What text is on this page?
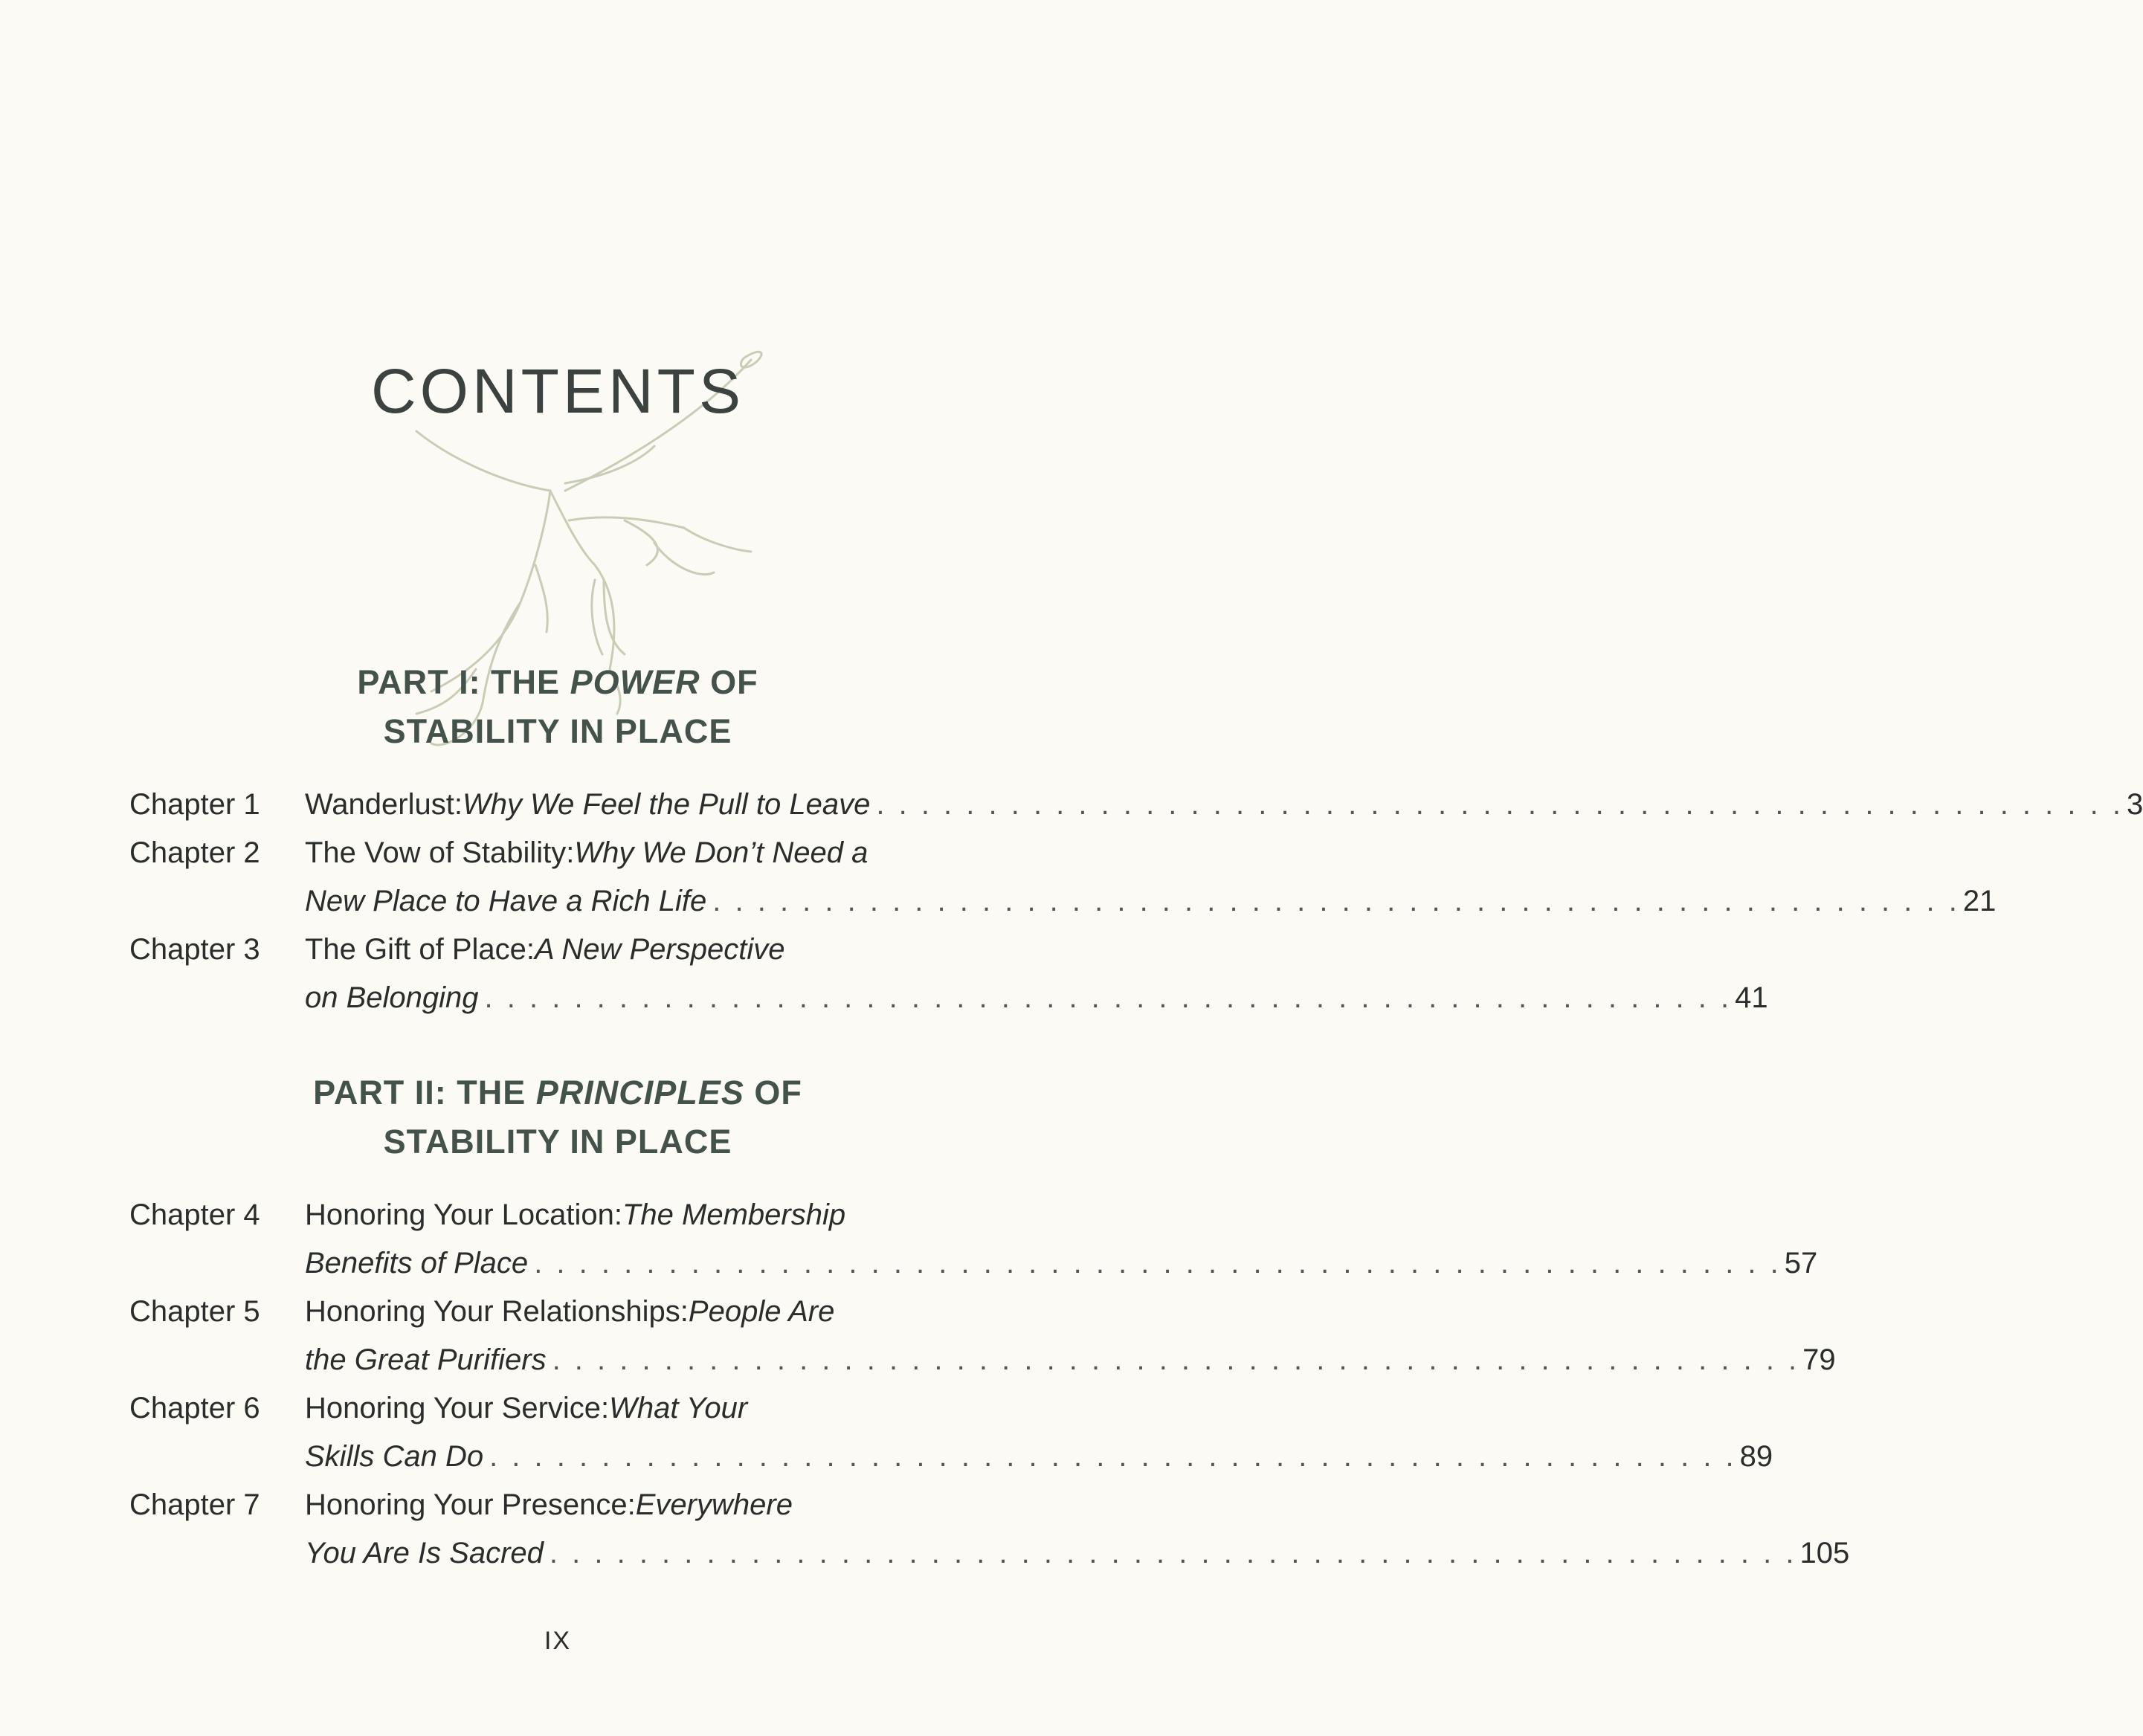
CONTENTS
PART I: THE POWER OF
STABILITY IN PLACE
Chapter 1	Wanderlust: Why We Feel the Pull to Leave . . .	3
Chapter 2	The Vow of Stability: Why We Don’t Need a
New Place to Have a Rich Life . . .	21
Chapter 3	The Gift of Place: A New Perspective
on Belonging . . .	41
PART II: THE PRINCIPLES OF
STABILITY IN PLACE
Chapter 4	Honoring Your Location: The Membership
Benefits of Place . . .	57
Chapter 5	Honoring Your Relationships: People Are
the Great Purifiers . . .	79
Chapter 6	Honoring Your Service: What Your
Skills Can Do . . .	89
Chapter 7	Honoring Your Presence: Everywhere
You Are Is Sacred . . .	105
IX
